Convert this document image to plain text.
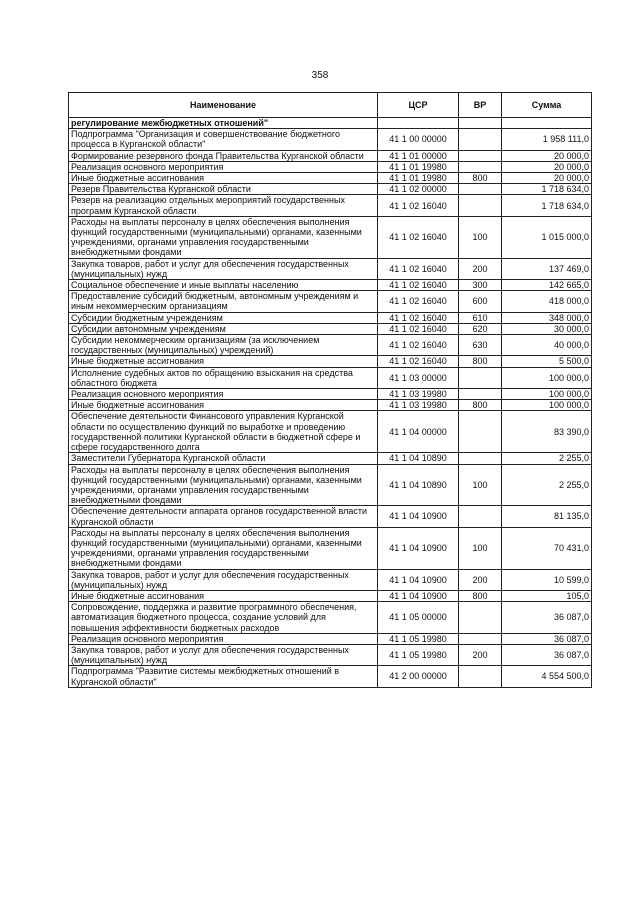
358
Наименование	ЦСР	ВР	Сумма
регулирование межбюджетных отношений"			
Подпрограмма "Организация и совершенствование бюджетного процесса в Курганской области"	41 1 00 00000		1 958 111,0
Формирование резервного фонда Правительства Курганской области	41 1 01 00000		20 000,0
Реализация основного мероприятия	41 1 01 19980		20 000,0
Иные бюджетные ассигнования	41 1 01 19980	800	20 000,0
Резерв Правительства Курганской области	41 1 02 00000		1 718 634,0
Резерв на реализацию отдельных мероприятий государственных программ Курганской области	41 1 02 16040		1 718 634,0
Расходы на выплаты персоналу в целях обеспечения выполнения функций государственными (муниципальными) органами, казенными учреждениями, органами управления государственными внебюджетными фондами	41 1 02 16040	100	1 015 000,0
Закупка товаров, работ и услуг для обеспечения государственных (муниципальных) нужд	41 1 02 16040	200	137 469,0
Социальное обеспечение и иные выплаты населению	41 1 02 16040	300	142 665,0
Предоставление субсидий бюджетным, автономным учреждениям и иным некоммерческим организациям	41 1 02 16040	600	418 000,0
Субсидии бюджетным учреждениям	41 1 02 16040	610	348 000,0
Субсидии автономным учреждениям	41 1 02 16040	620	30 000,0
Субсидии некоммерческим организациям (за исключением государственных (муниципальных) учреждений)	41 1 02 16040	630	40 000,0
Иные бюджетные ассигнования	41 1 02 16040	800	5 500,0
Исполнение судебных актов по обращению взыскания на средства областного бюджета	41 1 03 00000		100 000,0
Реализация основного мероприятия	41 1 03 19980		100 000,0
Иные бюджетные ассигнования	41 1 03 19980	800	100 000,0
Обеспечение деятельности Финансового управления Курганской области по осуществлению функций по выработке и проведению государственной политики Курганской области в бюджетной сфере и сфере государственного долга	41 1 04 00000		83 390,0
Заместители Губернатора Курганской области	41 1 04 10890		2 255,0
Расходы на выплаты персоналу в целях обеспечения выполнения функций государственными (муниципальными) органами, казенными учреждениями, органами управления государственными внебюджетными фондами	41 1 04 10890	100	2 255,0
Обеспечение деятельности аппарата органов государственной власти Курганской области	41 1 04 10900		81 135,0
Расходы на выплаты персоналу в целях обеспечения выполнения функций государственными (муниципальными) органами, казенными учреждениями, органами управления государственными внебюджетными фондами	41 1 04 10900	100	70 431,0
Закупка товаров, работ и услуг для обеспечения государственных (муниципальных) нужд	41 1 04 10900	200	10 599,0
Иные бюджетные ассигнования	41 1 04 10900	800	105,0
Сопровождение, поддержка и развитие программного обеспечения, автоматизация бюджетного процесса, создание условий для повышения эффективности бюджетных расходов	41 1 05 00000		36 087,0
Реализация основного мероприятия	41 1 05 19980		36 087,0
Закупка товаров, работ и услуг для обеспечения государственных (муниципальных) нужд	41 1 05 19980	200	36 087,0
Подпрограмма "Развитие системы межбюджетных отношений в Курганской области"	41 2 00 00000		4 554 500,0
